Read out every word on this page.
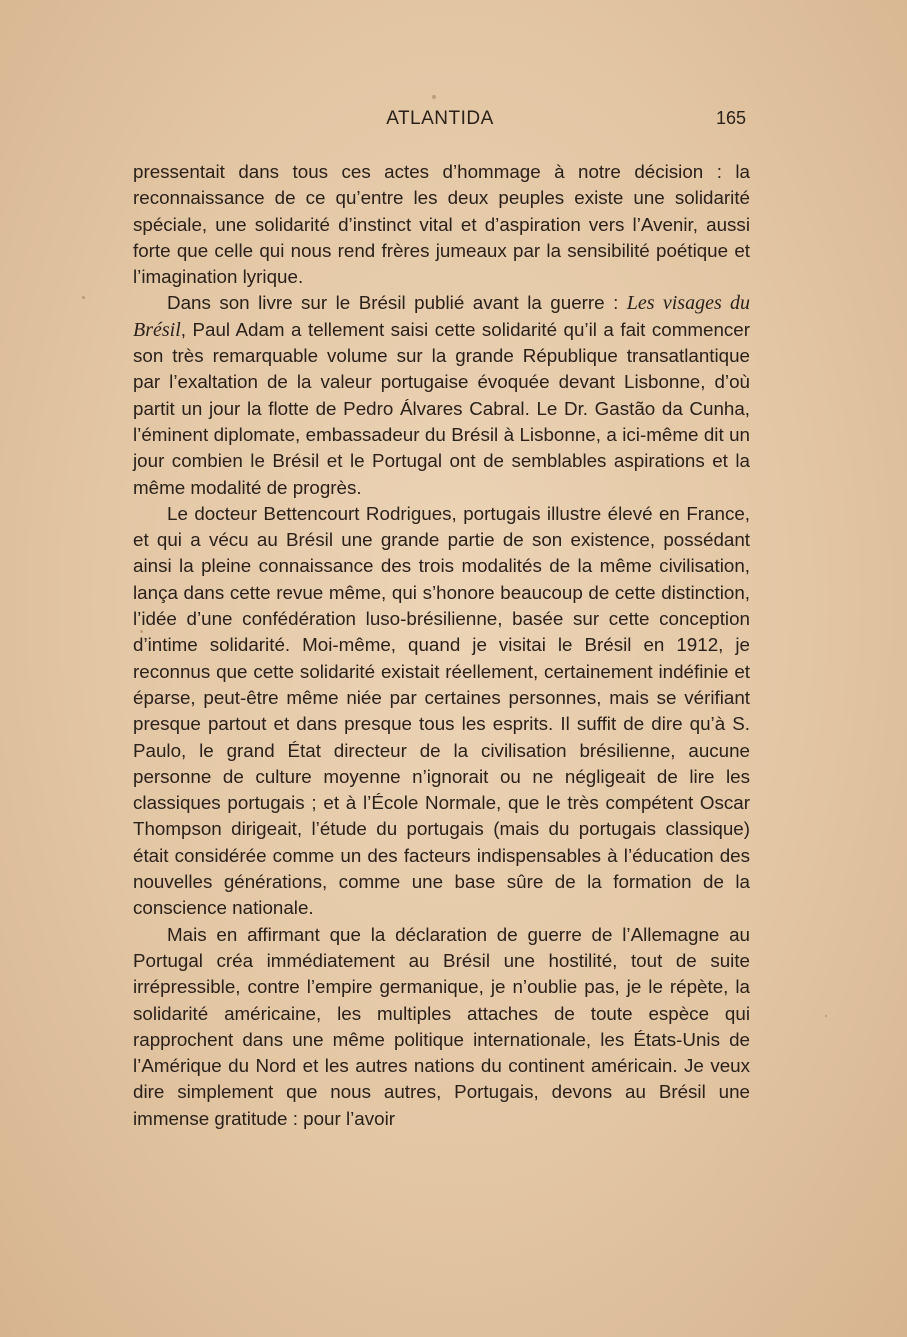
ATLANTIDA	165

pressentait dans tous ces actes d’hommage à notre décision : la reconnaissance de ce qu’entre les deux peuples existe une solidarité spéciale, une solidarité d’instinct vital et d’aspiration vers l’Avenir, aussi forte que celle qui nous rend frères jumeaux par la sensibilité poétique et l’imagination lyrique.

Dans son livre sur le Brésil publié avant la guerre : Les visages du Brésil, Paul Adam a tellement saisi cette solidarité qu’il a fait commencer son très remarquable volume sur la grande République transatlantique par l’exaltation de la valeur portugaise évoquée devant Lisbonne, d’où partit un jour la flotte de Pedro Álvares Cabral. Le Dr. Gastão da Cunha, l’éminent diplomate, embassadeur du Brésil à Lisbonne, a ici-même dit un jour combien le Brésil et le Portugal ont de semblables aspirations et la même modalité de progrès.

Le docteur Bettencourt Rodrigues, portugais illustre élevé en France, et qui a vécu au Brésil une grande partie de son existence, possédant ainsi la pleine connaissance des trois modalités de la même civilisation, lança dans cette revue même, qui s’honore beaucoup de cette distinction, l’idée d’une confédération luso-brésilienne, basée sur cette conception d’intime solidarité. Moi-même, quand je visitai le Brésil en 1912, je reconnus que cette solidarité existait réellement, certainement indéfinie et éparse, peut-être même niée par certaines personnes, mais se vérifiant presque partout et dans presque tous les esprits. Il suffit de dire qu’à S. Paulo, le grand État directeur de la civilisation brésilienne, aucune personne de culture moyenne n’ignorait ou ne négligeait de lire les classiques portugais ; et à l’École Normale, que le très compétent Oscar Thompson dirigeait, l’étude du portugais (mais du portugais classique) était considérée comme un des facteurs indispensables à l’éducation des nouvelles générations, comme une base sûre de la formation de la conscience nationale.

Mais en affirmant que la déclaration de guerre de l’Allemagne au Portugal créa immédiatement au Brésil une hostilité, tout de suite irrépressible, contre l’empire germanique, je n’oublie pas, je le répète, la solidarité américaine, les multiples attaches de toute espèce qui rapprochent dans une même politique internationale, les États-Unis de l’Amérique du Nord et les autres nations du continent américain. Je veux dire simplement que nous autres, Portugais, devons au Brésil une immense gratitude : pour l’avoir
